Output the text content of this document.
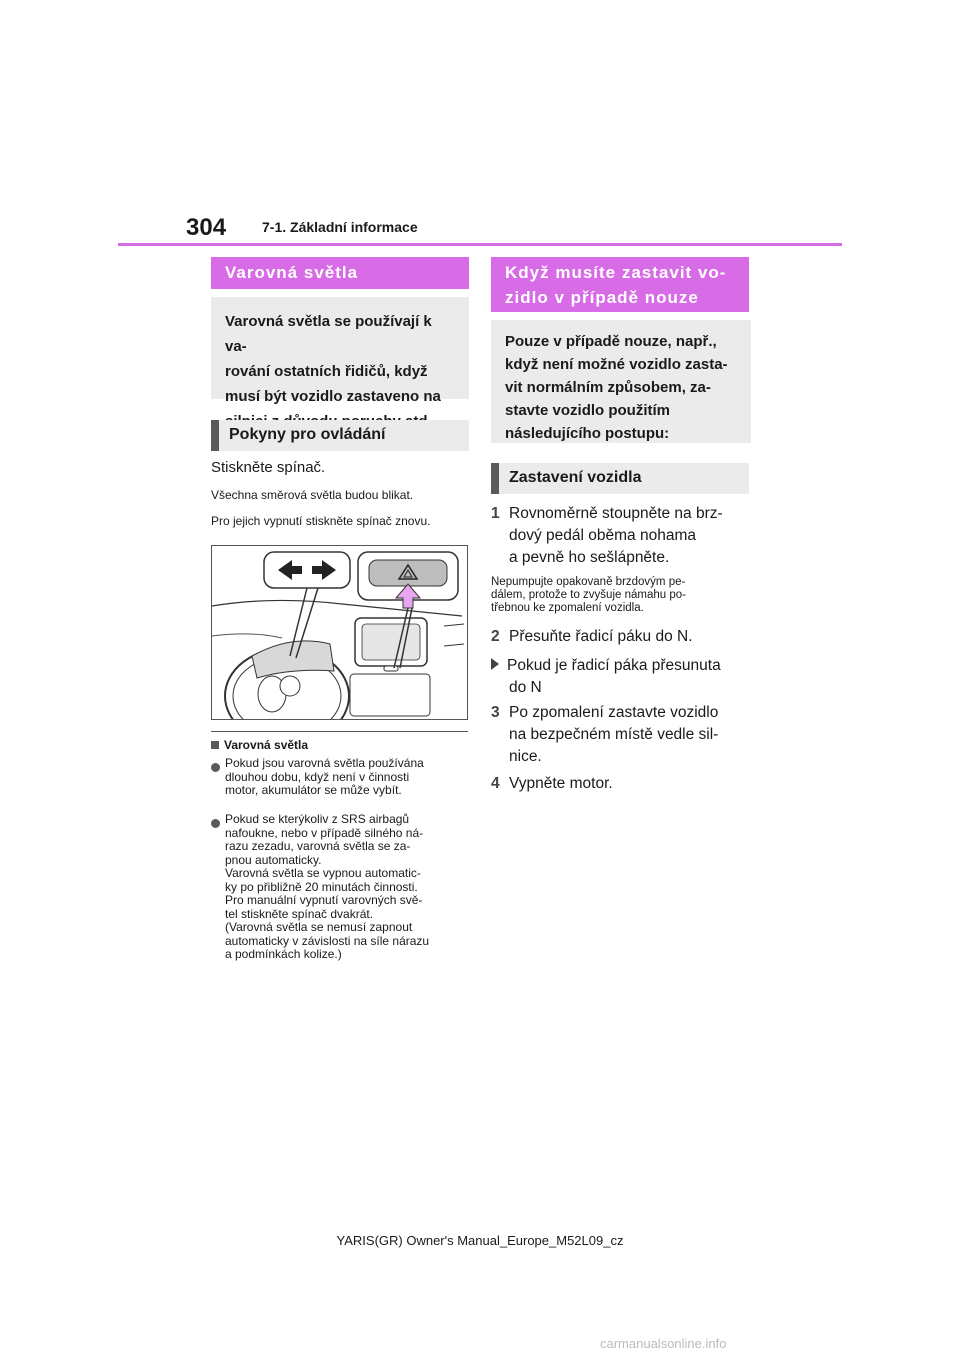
304	7-1. Základní informace
Varovná světla
Varovná světla se používají k va-
rování ostatních řidičů, když
musí být vozidlo zastaveno na
Pokyny pro ovládání
Stiskněte spínač.
Všechna směrová světla budou blikat.
Pro jejich vypnutí stiskněte spínač znovu.
Varovná světla
Pokud jsou varovná světla používána
dlouhou dobu, když není v činnosti
motor, akumulátor se může vybít.
Pokud se kterýkoliv z SRS airbagů
nafoukne, nebo v případě silného ná-
razu zezadu, varovná světla se za-
pnou automaticky.
Varovná světla se vypnou automatic-
ky po přibližně 20 minutách činnosti.
Pro manuální vypnutí varovných svě-
tel stiskněte spínač dvakrát.
(Varovná světla se nemusí zapnout
automaticky v závislosti na síle nárazu
a podmínkách kolize.)
Když musíte zastavit vo-
zidlo v případě nouze
Pouze v případě nouze, např.,
když není možné vozidlo zasta-
vit normálním způsobem, za-
stavte vozidlo použitím
následujícího postupu:
Zastavení vozidla
1 Rovnoměrně stoupněte na brz-
dový pedál oběma nohama
a pevně ho sešlápněte.
Nepumpujte opakovaně brzdovým pe-
dálem, protože to zvyšuje námahu po-
třebnou ke zpomalení vozidla.
2 Přesuňte řadicí páku do N.
Pokud je řadicí páka přesunuta
do N
3 Po zpomalení zastavte vozidlo
na bezpečném místě vedle sil-
nice.
4 Vypněte motor.
YARIS(GR) Owner's Manual_Europe_M52L09_cz
carmanualsonline.info
